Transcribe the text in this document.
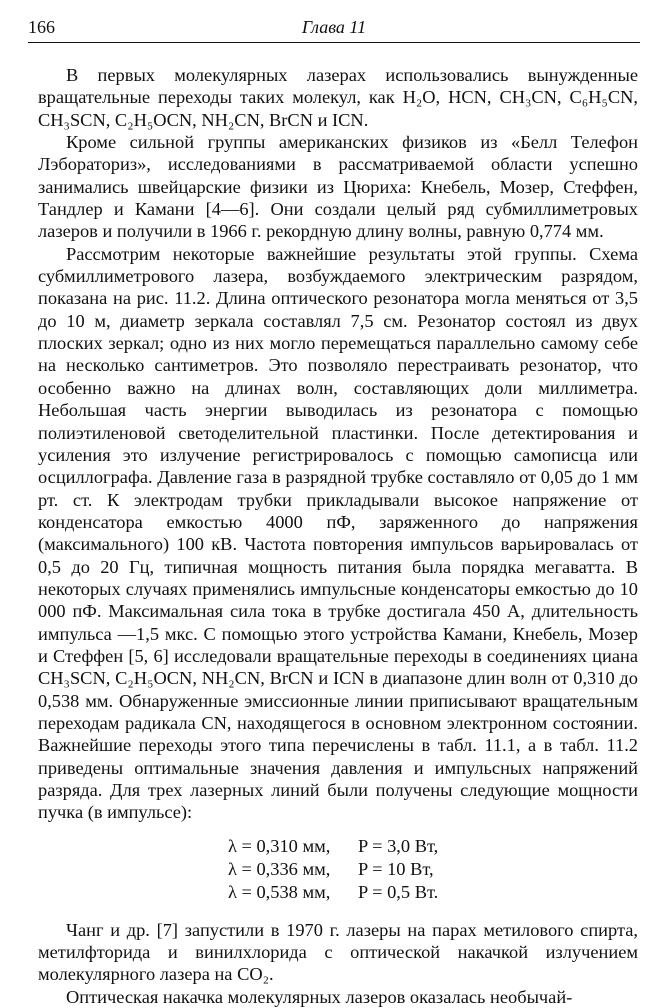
166	Глава 11

В первых молекулярных лазерах использовались вынужденные вращательные переходы таких молекул, как H₂O, HCN, CH₃CN, C₆H₅CN, CH₃SCN, C₂H₅OCN, NH₂CN, BrCN и ICN.

Кроме сильной группы американских физиков из «Белл Телефон Лэбораториз», исследованиями в рассматриваемой области успешно занимались швейцарские физики из Цюриха: Кнебель, Мозер, Стеффен, Тандлер и Камани [4—6]. Они создали целый ряд субмиллиметровых лазеров и получили в 1966 г. рекордную длину волны, равную 0,774 мм.

Рассмотрим некоторые важнейшие результаты этой группы. Схема субмиллиметрового лазера, возбуждаемого электрическим разрядом, показана на рис. 11.2. Длина оптического резонатора могла меняться от 3,5 до 10 м, диаметр зеркала составлял 7,5 см. Резонатор состоял из двух плоских зеркал; одно из них могло перемещаться параллельно самому себе на несколько сантиметров. Это позволяло перестраивать резонатор, что особенно важно на длинах волн, составляющих доли миллиметра. Небольшая часть энергии выводилась из резонатора с помощью полиэтиленовой светоделительной пластинки. После детектирования и усиления это излучение регистрировалось с помощью самописца или осциллографа. Давление газа в разрядной трубке составляло от 0,05 до 1 мм рт. ст. К электродам трубки прикладывали высокое напряжение от конденсатора емкостью 4000 пФ, заряженного до напряжения (максимального) 100 кВ. Частота повторения импульсов варьировалась от 0,5 до 20 Гц, типичная мощность питания была порядка мегаватта. В некоторых случаях применялись импульсные конденсаторы емкостью до 10 000 пФ. Максимальная сила тока в трубке достигала 450 А, длительность импульса —1,5 мкс. С помощью этого устройства Камани, Кнебель, Мозер и Стеффен [5, 6] исследовали вращательные переходы в соединениях циана CH₃SCN, C₂H₅OCN, NH₂CN, BrCN и ICN в диапазоне длин волн от 0,310 до 0,538 мм. Обнаруженные эмиссионные линии приписывают вращательным переходам радикала CN, находящегося в основном электронном состоянии. Важнейшие переходы этого типа перечислены в табл. 11.1, а в табл. 11.2 приведены оптимальные значения давления и импульсных напряжений разряда. Для трех лазерных линий были получены следующие мощности пучка (в импульсе):

λ = 0,310 мм, P = 3,0 Вт,
λ = 0,336 мм, P = 10 Вт,
λ = 0,538 мм, P = 0,5 Вт.

Чанг и др. [7] запустили в 1970 г. лазеры на парах метилового спирта, метилфторида и винилхлорида с оптической накачкой излучением молекулярного лазера на CO₂.

Оптическая накачка молекулярных лазеров оказалась необычай-
